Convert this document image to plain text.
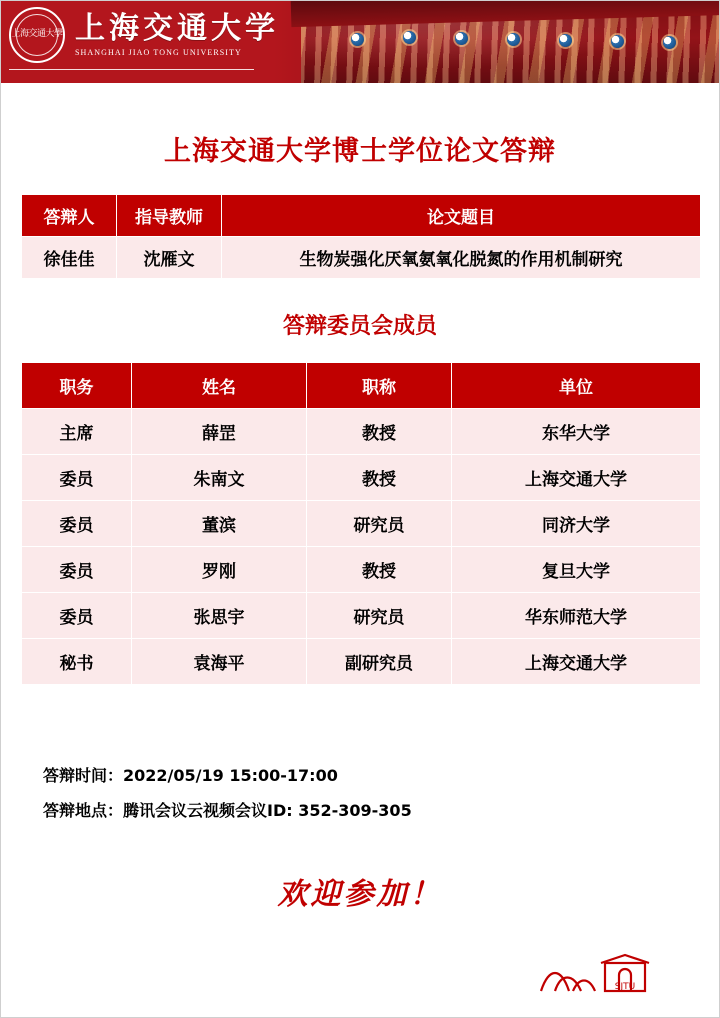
上海交通大學 上海交通大学
SHANGHAI JIAO TONG UNIVERSITY
上海交通大学博士学位论文答辩
答辩人	指导教师	论文题目
徐佳佳	沈雁文	生物炭强化厌氧氨氧化脱氮的作用机制研究
答辩委员会成员
职务	姓名	职称	单位
主席	薛罡	教授	东华大学
委员	朱南文	教授	上海交通大学
委员	董滨	研究员	同济大学
委员	罗刚	教授	复旦大学
委员	张思宇	研究员	华东师范大学
秘书	袁海平	副研究员	上海交通大学
答辩时间：2022/05/19 15:00-17:00
答辩地点：腾讯会议云视频会议ID: 352-309-305
欢迎参加！
SJTU
